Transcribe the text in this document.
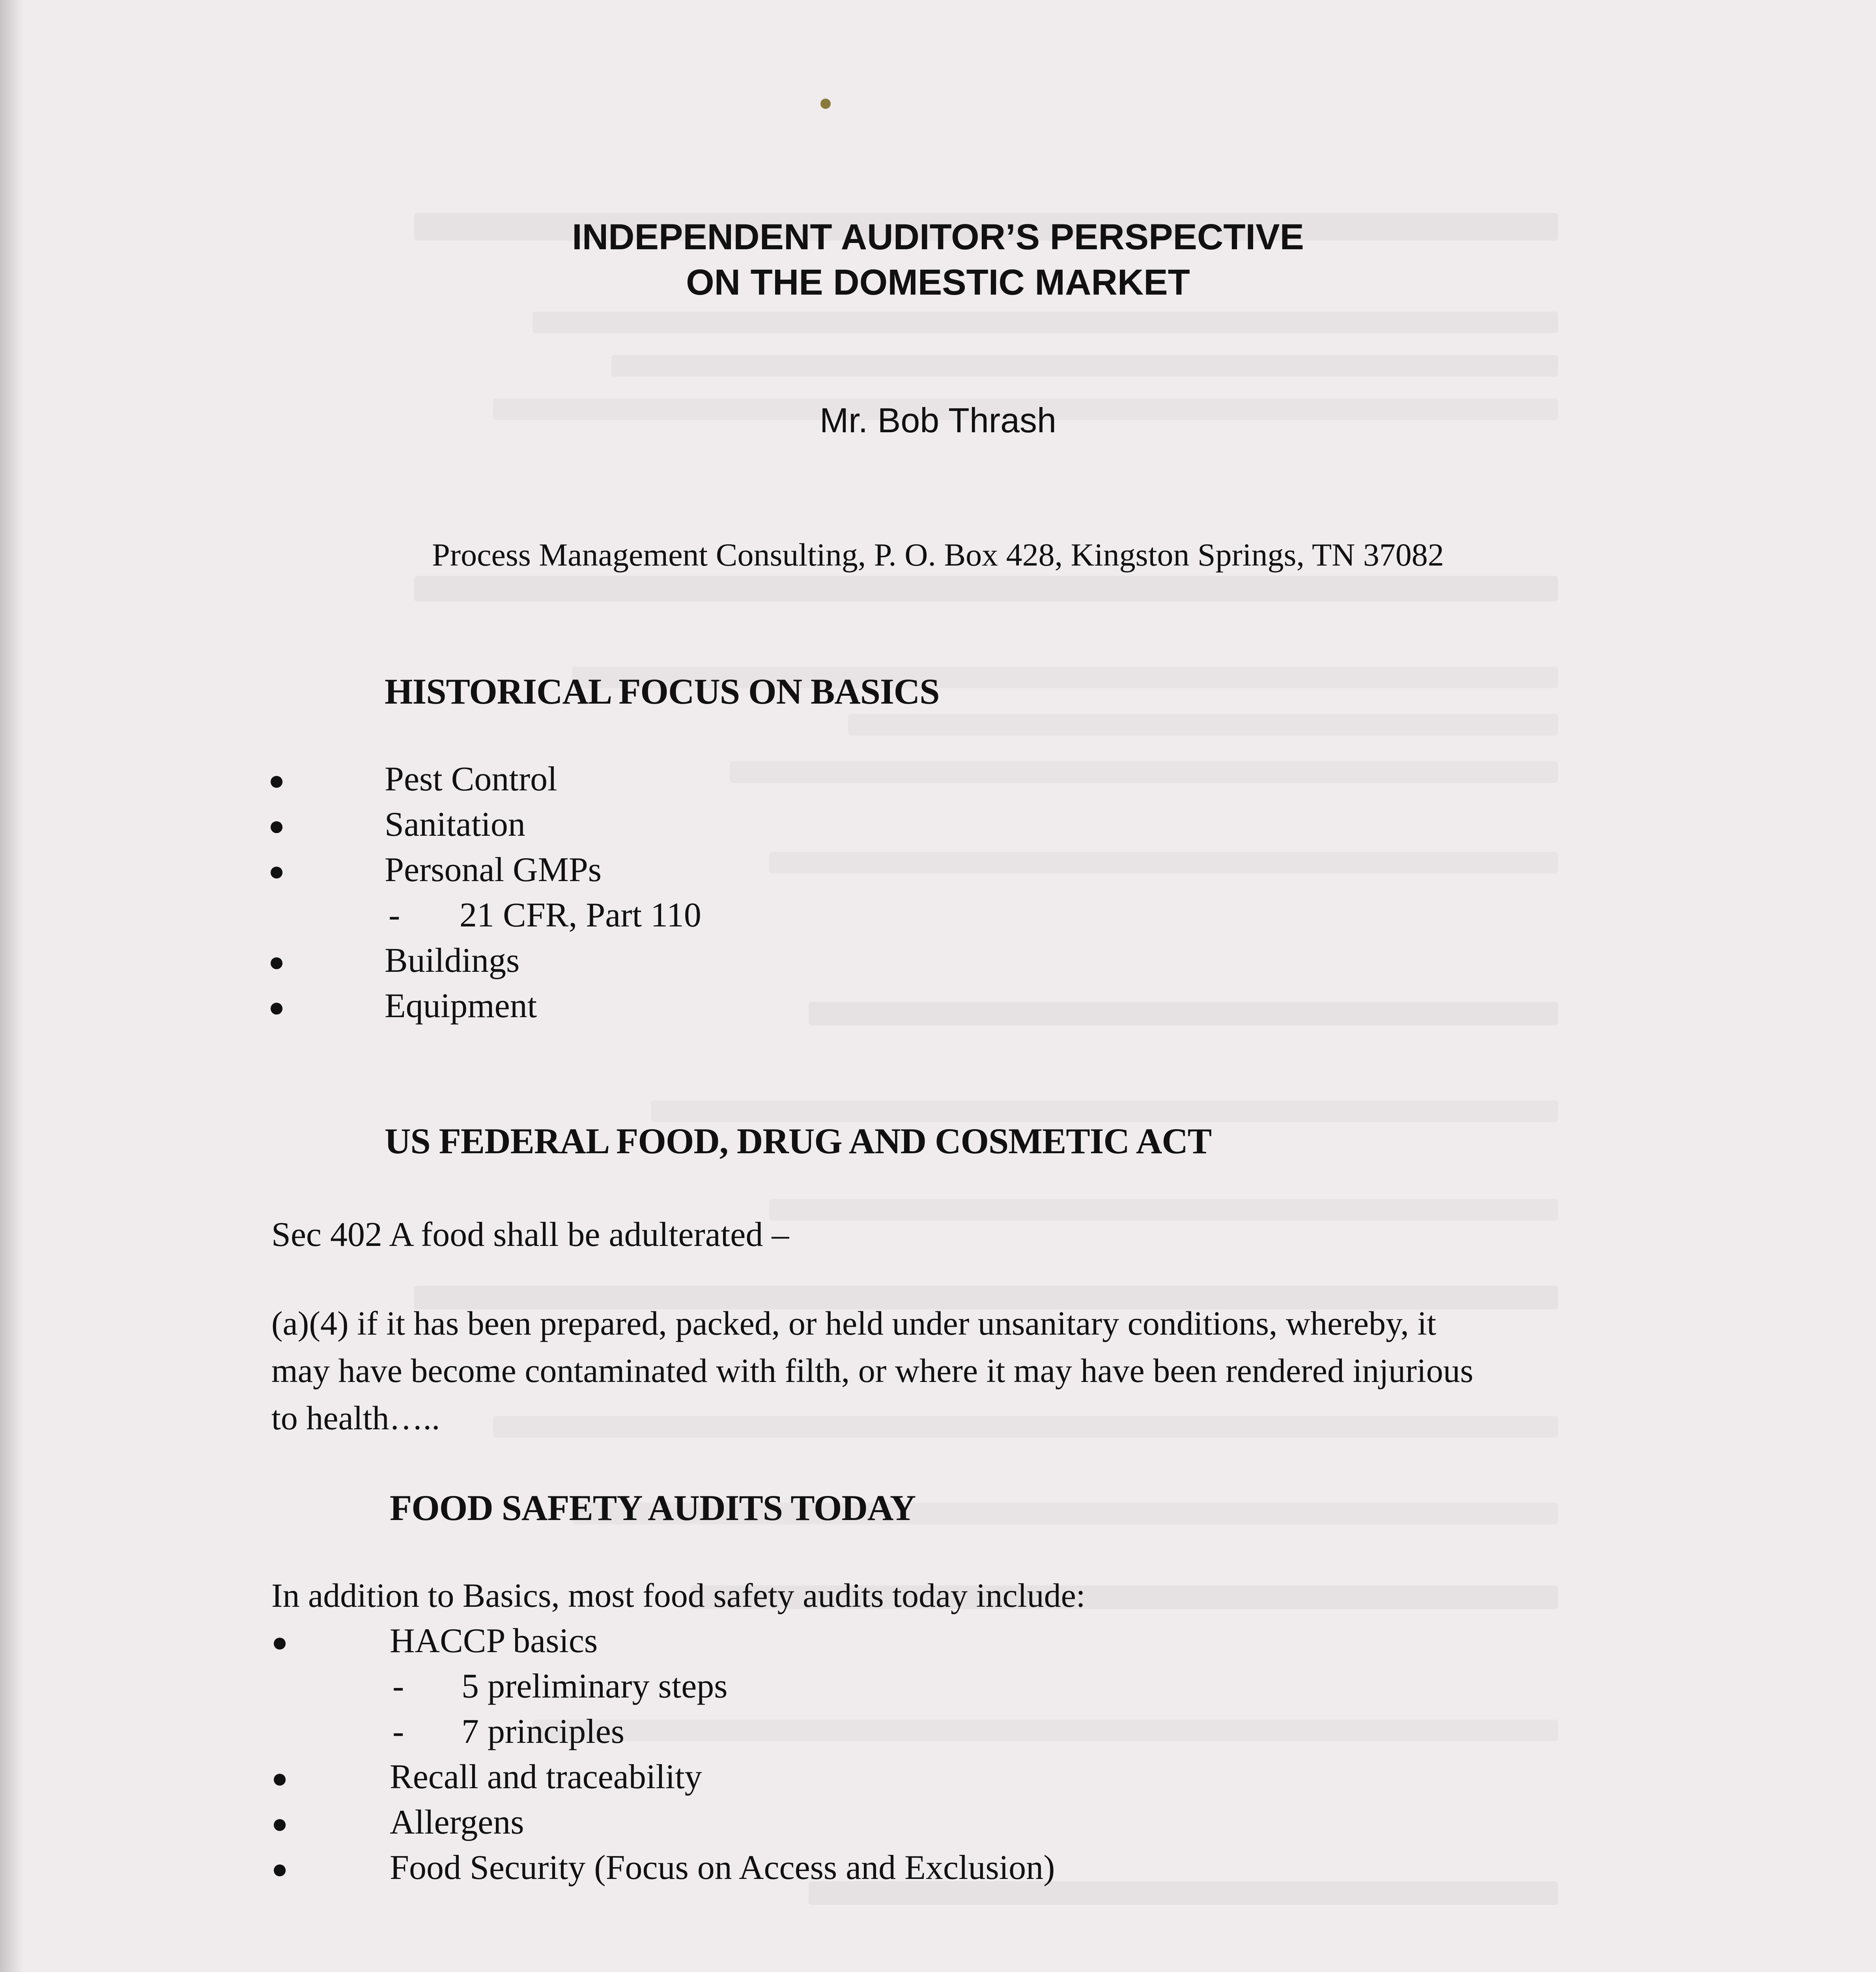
INDEPENDENT AUDITOR’S PERSPECTIVE
ON THE DOMESTIC MARKET
Mr. Bob Thrash
Process Management Consulting, P. O. Box 428, Kingston Springs, TN 37082
HISTORICAL FOCUS ON BASICS
●	Pest Control
●	Sanitation
●	Personal GMPs
- 21 CFR, Part 110
●	Buildings
●	Equipment
US FEDERAL FOOD, DRUG AND COSMETIC ACT
Sec 402 A food shall be adulterated –
(a)(4) if it has been prepared, packed, or held under unsanitary conditions, whereby, it
may have become contaminated with filth, or where it may have been rendered injurious
to health…..
FOOD SAFETY AUDITS TODAY
In addition to Basics, most food safety audits today include:
●	HACCP basics
- 5 preliminary steps
- 7 principles
●	Recall and traceability
●	Allergens
●	Food Security (Focus on Access and Exclusion)
